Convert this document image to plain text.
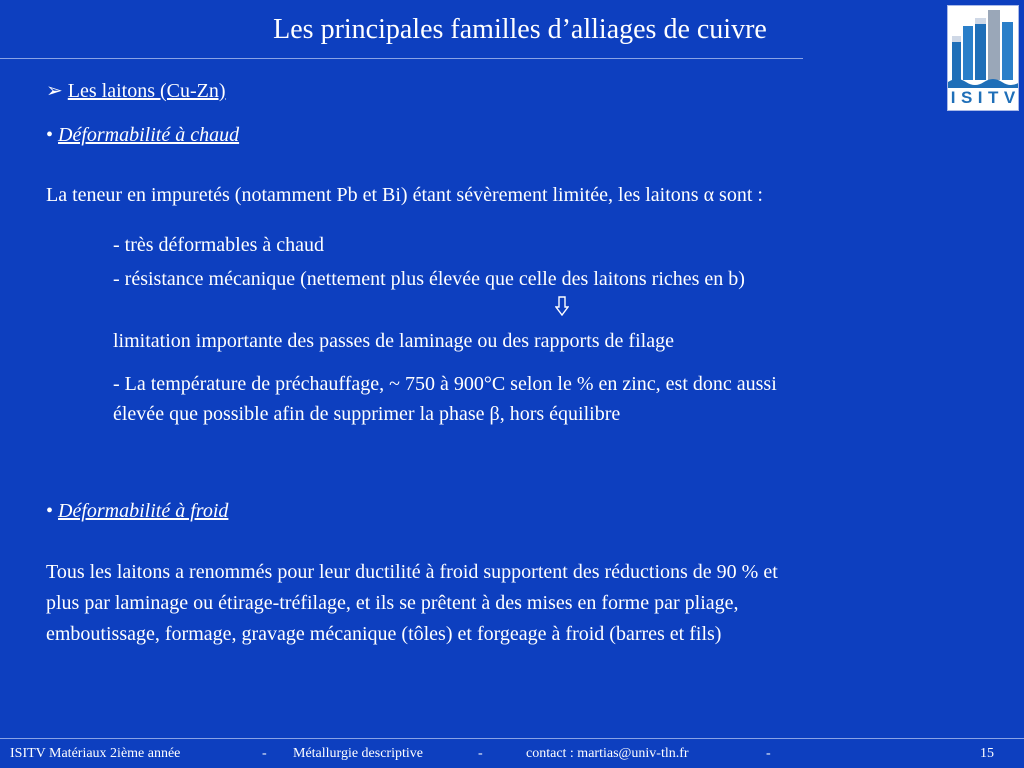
Les principales familles d’alliages de cuivre
I S I T V
➢ Les laitons (Cu-Zn)
• Déformabilité à chaud
La teneur en impuretés (notamment Pb et Bi) étant sévèrement limitée, les laitons α sont :
- très déformables à chaud
- résistance mécanique (nettement plus élevée que celle des laitons riches en b)
limitation importante des passes de laminage ou des rapports de filage
- La température de préchauffage, ~ 750 à 900°C selon le % en zinc, est donc aussi
élevée que possible afin de supprimer la phase β, hors équilibre
• Déformabilité à froid
Tous les laitons a renommés pour leur ductilité à froid supportent des réductions de 90 % et
plus par laminage ou étirage-tréfilage, et ils se prêtent à des mises en forme par pliage,
emboutissage, formage, gravage mécanique (tôles) et forgeage à froid (barres et fils)
ISITV Matériaux 2ième année	- Métallurgie descriptive	-	contact : martias@univ-tln.fr	-	15
